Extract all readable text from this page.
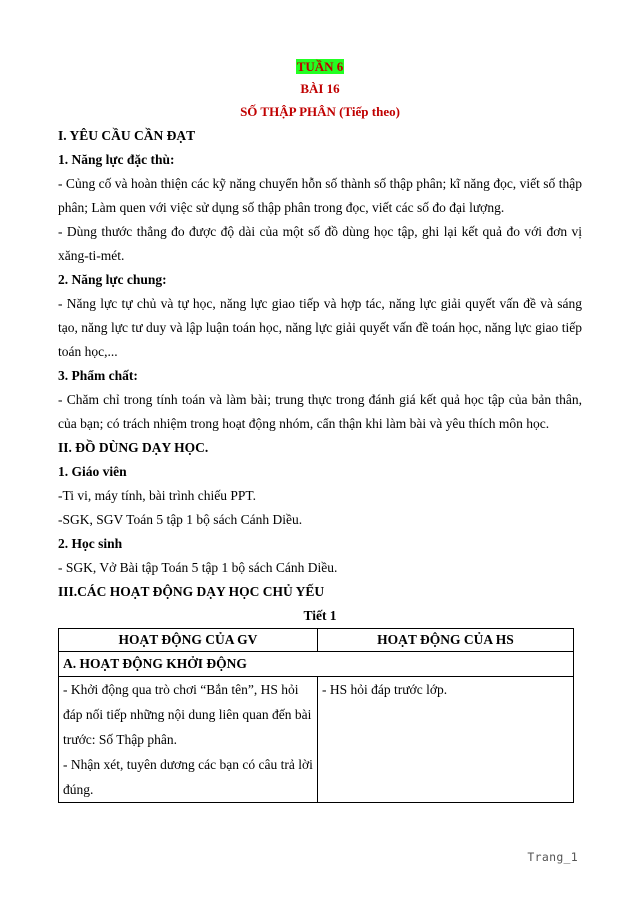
TUẦN 6
BÀI 16
SỐ THẬP PHÂN (Tiếp theo)
I. YÊU CẦU CẦN ĐẠT
1. Năng lực đặc thù:
- Củng cố và hoàn thiện các kỹ năng chuyển hỗn số thành số thập phân; kĩ năng đọc, viết số thập phân; Làm quen với việc sử dụng số thập phân trong đọc, viết các số đo đại lượng.
- Dùng thước thẳng đo được độ dài của một số đồ dùng học tập, ghi lại kết quả đo với đơn vị xăng-ti-mét.
2. Năng lực chung:
- Năng lực tự chủ và tự học, năng lực giao tiếp và hợp tác, năng lực giải quyết vấn đề và sáng tạo, năng lực tư duy và lập luận toán học, năng lực giải quyết vấn đề toán học, năng lực giao tiếp toán học,...
3. Phẩm chất:
- Chăm chỉ trong tính toán và làm bài; trung thực trong đánh giá kết quả học tập của bản thân, của bạn; có trách nhiệm trong hoạt động nhóm, cẩn thận khi làm bài và yêu thích môn học.
II. ĐỒ DÙNG DẠY HỌC.
1. Giáo viên
-Ti vi, máy tính, bài trình chiếu PPT.
-SGK, SGV Toán 5 tập 1 bộ sách Cánh Diều.
2. Học sinh
- SGK, Vở Bài tập Toán 5 tập 1 bộ sách Cánh Diều.
III.CÁC HOẠT ĐỘNG DẠY HỌC CHỦ YẾU
Tiết 1
HOẠT ĐỘNG CỦA GV	HOẠT ĐỘNG CỦA HS
A. HOẠT ĐỘNG KHỞI ĐỘNG	

- Khởi động qua trò chơi “Bắn tên”, HS hỏi đáp nối tiếp những nội dung liên quan đến bài trước: Số Thập phân.
- Nhận xét, tuyên dương các bạn có câu trả lời đúng.	- HS hỏi đáp trước lớp.
Trang_1
